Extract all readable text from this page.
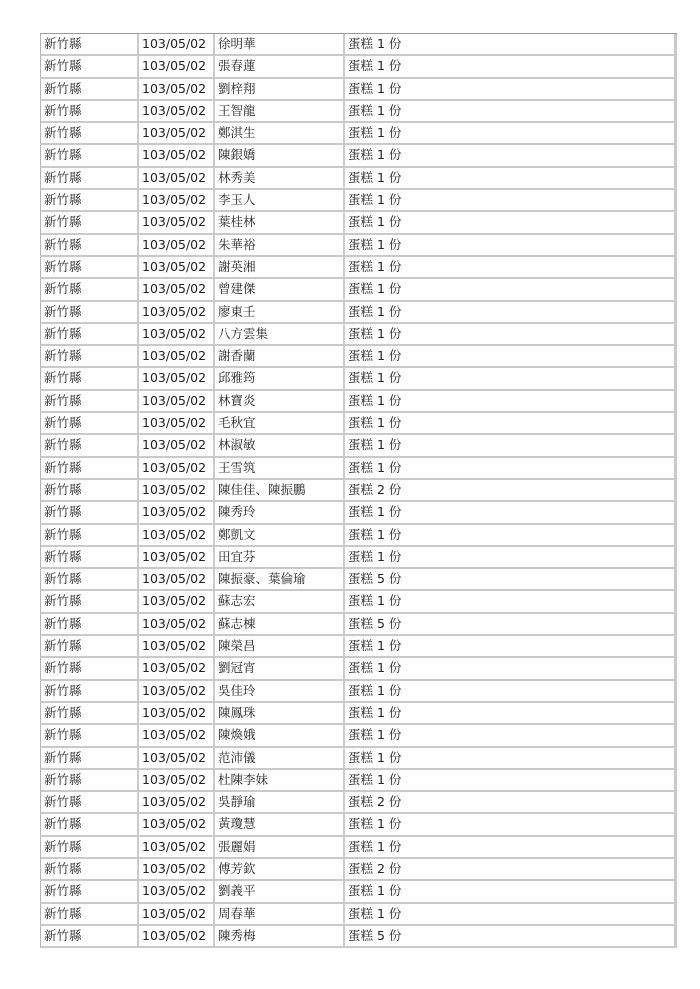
新竹縣	103/05/02 徐明華	蛋糕 1 份
新竹縣	103/05/02 張春蓮	蛋糕 1 份
新竹縣	103/05/02 劉梓翔	蛋糕 1 份
新竹縣	103/05/02 王智龍	蛋糕 1 份
新竹縣	103/05/02 鄭淇生	蛋糕 1 份
新竹縣	103/05/02 陳銀嬌	蛋糕 1 份
新竹縣	103/05/02 林秀美	蛋糕 1 份
新竹縣	103/05/02 李玉人	蛋糕 1 份
新竹縣	103/05/02 葉桂林	蛋糕 1 份
新竹縣	103/05/02 朱華裕	蛋糕 1 份
新竹縣	103/05/02 謝英湘	蛋糕 1 份
新竹縣	103/05/02 曾建傑	蛋糕 1 份
新竹縣	103/05/02 廖東壬	蛋糕 1 份
新竹縣	103/05/02 八方雲集	蛋糕 1 份
新竹縣	103/05/02 謝香蘭	蛋糕 1 份
新竹縣	103/05/02 邱雅筠	蛋糕 1 份
新竹縣	103/05/02 林寶炎	蛋糕 1 份
新竹縣	103/05/02 毛秋宜	蛋糕 1 份
新竹縣	103/05/02 林淑敏	蛋糕 1 份
新竹縣	103/05/02 王雪筑	蛋糕 1 份
新竹縣	103/05/02 陳佳佳、陳振鵬	蛋糕 2 份
新竹縣	103/05/02 陳秀玲	蛋糕 1 份
新竹縣	103/05/02 鄭凱文	蛋糕 1 份
新竹縣	103/05/02 田宜芬	蛋糕 1 份
新竹縣	103/05/02 陳振豪、葉倫瑜	蛋糕 5 份
新竹縣	103/05/02 蘇志宏	蛋糕 1 份
新竹縣	103/05/02 蘇志棟	蛋糕 5 份
新竹縣	103/05/02 陳榮昌	蛋糕 1 份
新竹縣	103/05/02 劉冠宵	蛋糕 1 份
新竹縣	103/05/02 吳佳玲	蛋糕 1 份
新竹縣	103/05/02 陳鳳珠	蛋糕 1 份
新竹縣	103/05/02 陳煥娥	蛋糕 1 份
新竹縣	103/05/02 范沛儀	蛋糕 1 份
新竹縣	103/05/02 杜陳李妹	蛋糕 1 份
新竹縣	103/05/02 吳靜瑜	蛋糕 2 份
新竹縣	103/05/02 黃瓊慧	蛋糕 1 份
新竹縣	103/05/02 張麗娟	蛋糕 1 份
新竹縣	103/05/02 傅芳欽	蛋糕 2 份
新竹縣	103/05/02 劉義平	蛋糕 1 份
新竹縣	103/05/02 周春華	蛋糕 1 份
新竹縣	103/05/02 陳秀梅	蛋糕 5 份
